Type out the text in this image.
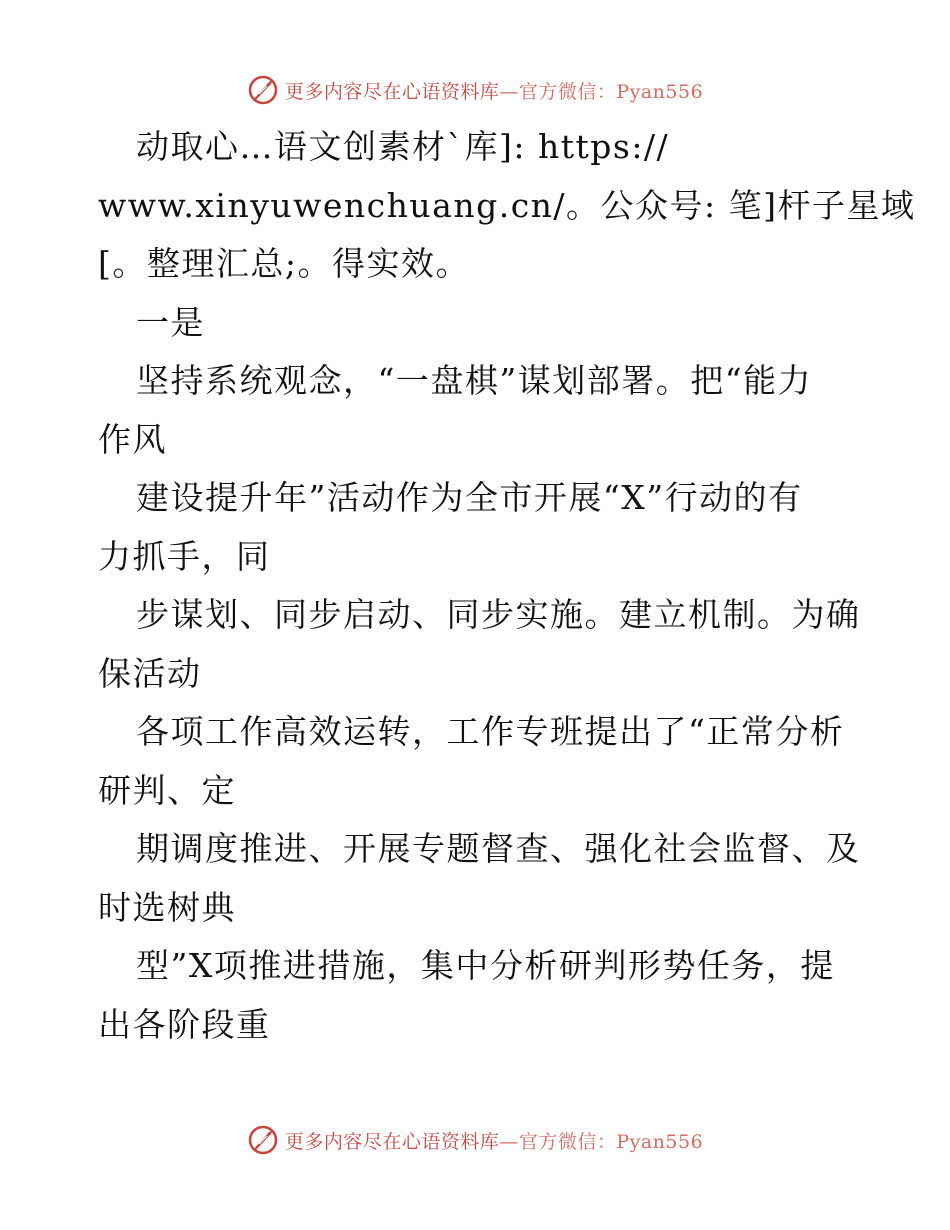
更多内容尽在心语资料库—官方微信：Pyan556
动取心…语文创素材`库]: https://
www.xinyuwenchuang.cn/。公众号: 笔]杆子星域
[。整理汇总;。得实效。
一是
坚持系统观念，“一盘棋”谋划部署。把“能力
作风
建设提升年”活动作为全市开展“X”行动的有
力抓手，同
步谋划、同步启动、同步实施。建立机制。为确
保活动
各项工作高效运转，工作专班提出了“正常分析
研判、定
期调度推进、开展专题督查、强化社会监督、及
时选树典
型”X项推进措施，集中分析研判形势任务，提
出各阶段重
更多内容尽在心语资料库—官方微信：Pyan556
